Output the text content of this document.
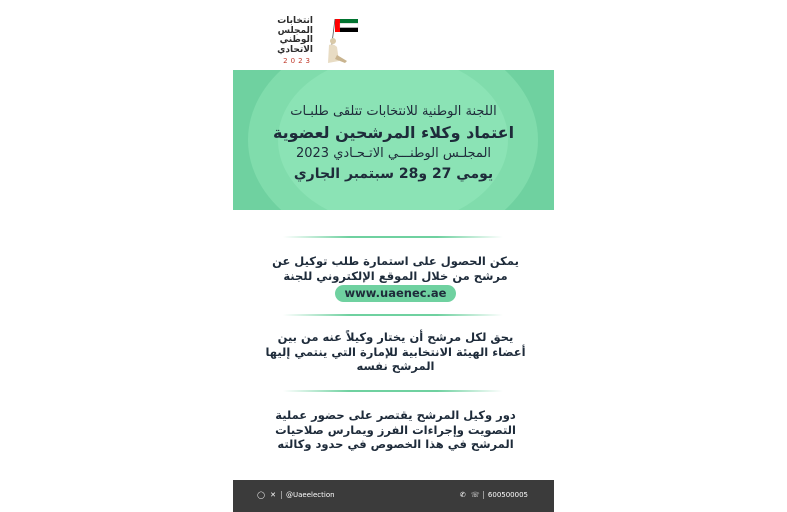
انتخابات
المجلس
الوطني
الاتحادي
2023
اللجنة الوطنية للانتخابات تتلقى طلبـات
اعتماد وكلاء المرشحين لعضوية
المجلـس الوطنـــي الاتـحـادي 2023
يومي 27 و28 سبتمبر الجاري
يمكن الحصول على استمارة طلب توكيل عن مرشح من خلال الموقع الإلكتروني للجنة
www.uaenec.ae
يحق لكل مرشح أن يختار وكيلاً عنه من بين أعضاء الهيئة الانتخابية للإمارة التي ينتمي إليها المرشح نفسه
دور وكيل المرشح يقتصر على حضور عملية التصويت وإجراءات الفرز ويمارس صلاحيات المرشح في هذا الخصوص في حدود وكالته
◯ ✕ @Uaeelection	✆ ☏ 600500005
